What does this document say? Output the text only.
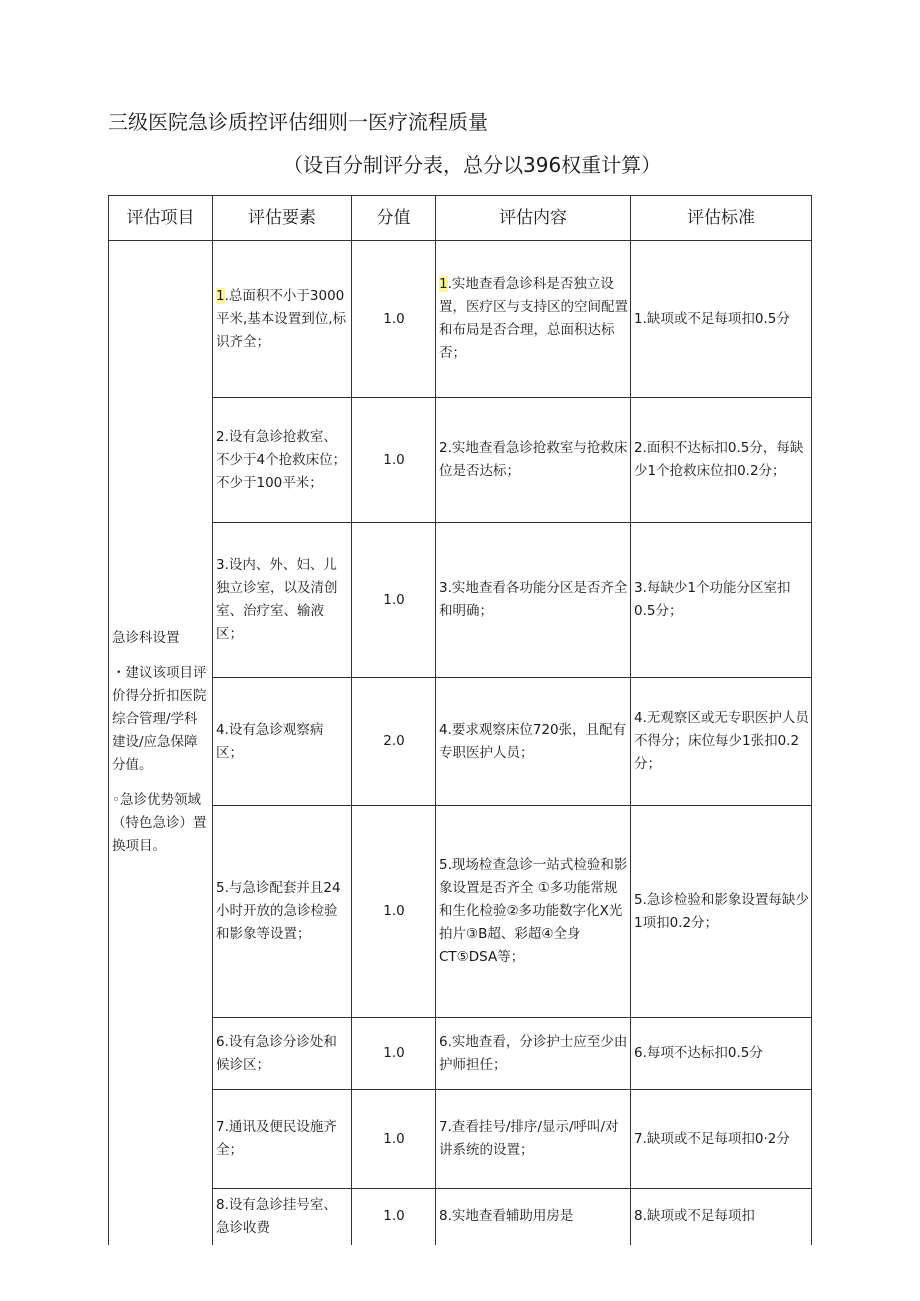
三级医院急诊质控评估细则一医疗流程质量
（设百分制评分表，总分以396权重计算）
评估项目	评估要素	分值	评估内容	评估标准

急诊科设置
・建议该项目评价得分折扣医院综合管理/学科建设/应急保障分值。
◦急诊优势领域（特色急诊）置换项目。	1.总面积不小于3000平米,基本设置到位,标识齐全；	1.0	1.实地查看急诊科是否独立设置，医疗区与支持区的空间配置和布局是否合理，总面积达标否；	1.缺项或不足每项扣0.5分
	2.设有急诊抢救室、不少于4个抢救床位；不少于100平米；	1.0	2.实地查看急诊抢救室与抢救床位是否达标；	2.面积不达标扣0.5分，每缺少1个抢救床位扣0.2分；
	3.设内、外、妇、儿独立诊室，以及清创室、治疗室、输液区；	1.0	3.实地查看各功能分区是否齐全和明确；	3.每缺少1个功能分区室扣0.5分；
	4.设有急诊观察病区；	2.0	4.要求观察床位720张，且配有专职医护人员；	4.无观察区或无专职医护人员不得分；床位每少1张扣0.2分；
	5.与急诊配套并且24小时开放的急诊检验和影象等设置；	1.0	5.现场检查急诊一站式检验和影象设置是否齐全 ①多功能常规和生化检验②多功能数字化X光拍片③B超、彩超④全身CT⑤DSA等；	5.急诊检验和影象设置每缺少1项扣0.2分；
	6.设有急诊分诊处和候诊区；	1.0	6.实地查看，分诊护士应至少由护师担任；	6.每项不达标扣0.5分
	7.通讯及便民设施齐全；	1.0	7.查看挂号/排序/显示/呼叫/对讲系统的设置；	7.缺项或不足每项扣0·2分
	8.设有急诊挂号室、急诊收费	1.0	8.实地查看辅助用房是	8.缺项或不足每项扣
